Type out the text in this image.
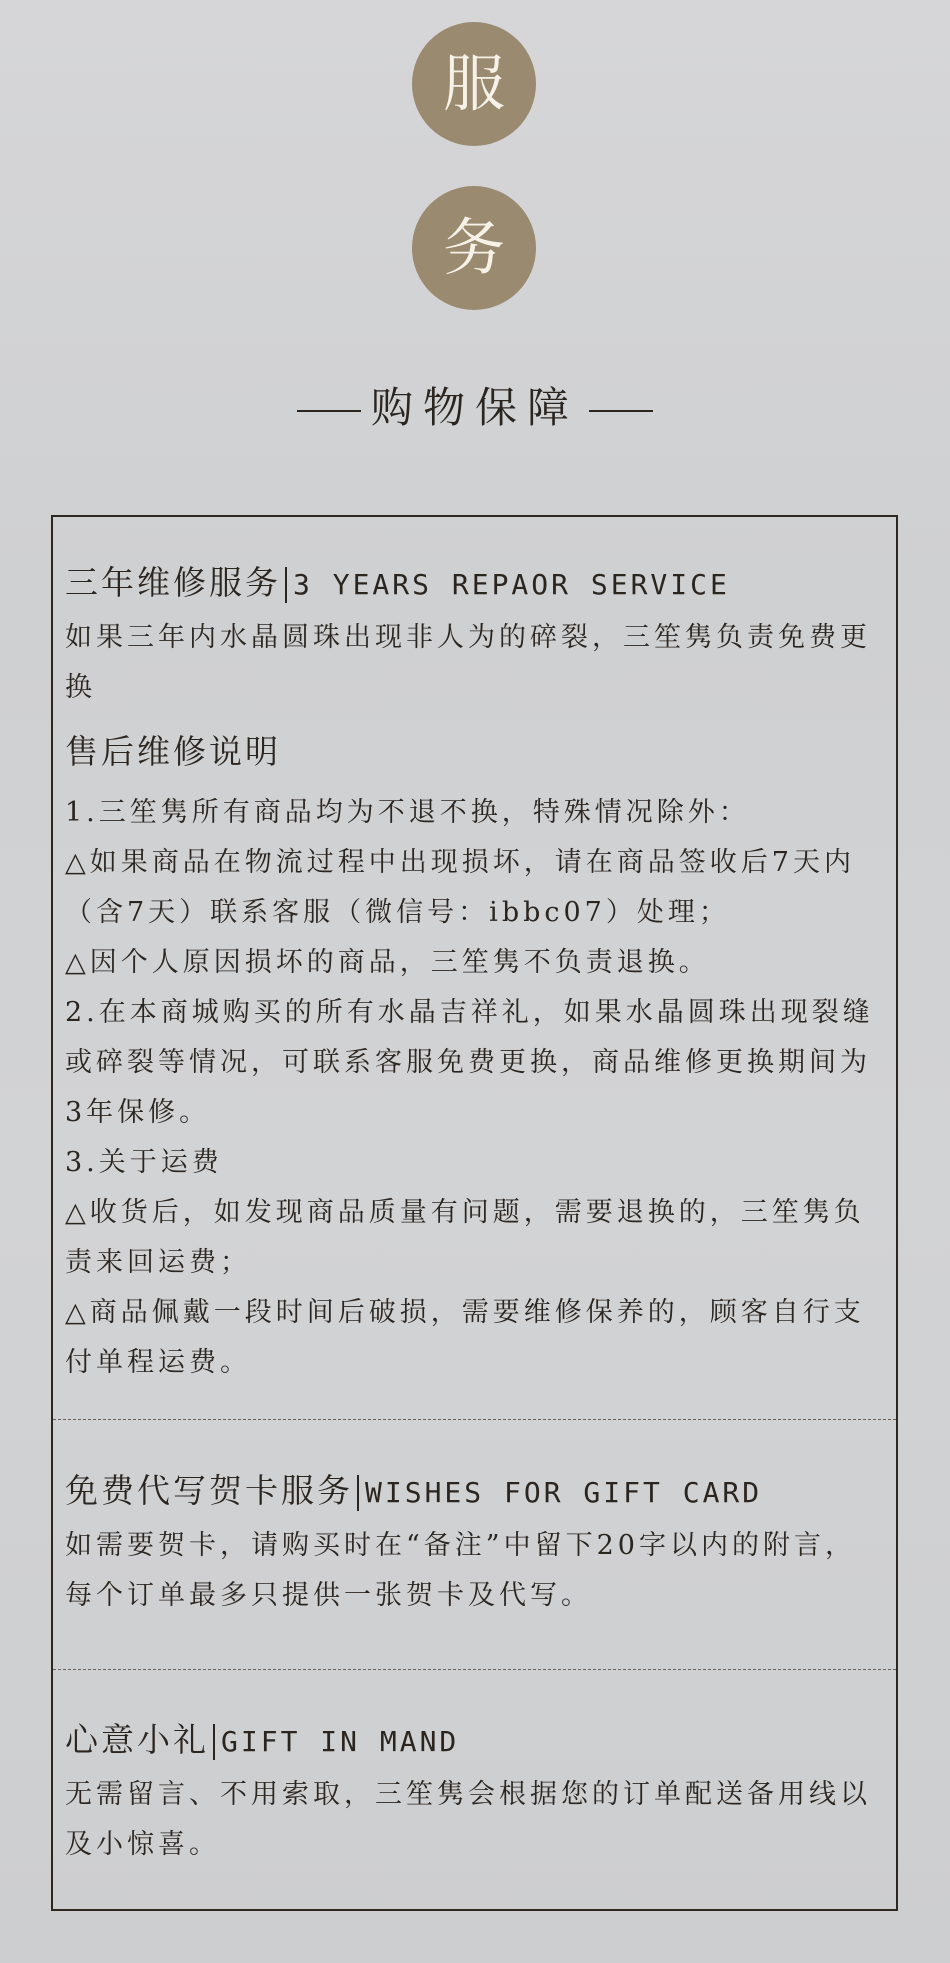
服
务
购物保障
三年维修服务 3 YEARS REPAOR SERVICE
如果三年内水晶圆珠出现非人为的碎裂，三笙隽负责免费更换
售后维修说明
1.三笙隽所有商品均为不退不换，特殊情况除外：
△如果商品在物流过程中出现损坏，请在商品签收后7天内（含7天）联系客服（微信号：ibbc07）处理；
△因个人原因损坏的商品，三笙隽不负责退换。
2.在本商城购买的所有水晶吉祥礼，如果水晶圆珠出现裂缝或碎裂等情况，可联系客服免费更换，商品维修更换期间为3年保修。
3.关于运费
△收货后，如发现商品质量有问题，需要退换的，三笙隽负责来回运费；
△商品佩戴一段时间后破损，需要维修保养的，顾客自行支付单程运费。
免费代写贺卡服务 WISHES FOR GIFT CARD
如需要贺卡，请购买时在“备注”中留下20字以内的附言，每个订单最多只提供一张贺卡及代写。
心意小礼 GIFT IN MAND
无需留言、不用索取，三笙隽会根据您的订单配送备用线以及小惊喜。
